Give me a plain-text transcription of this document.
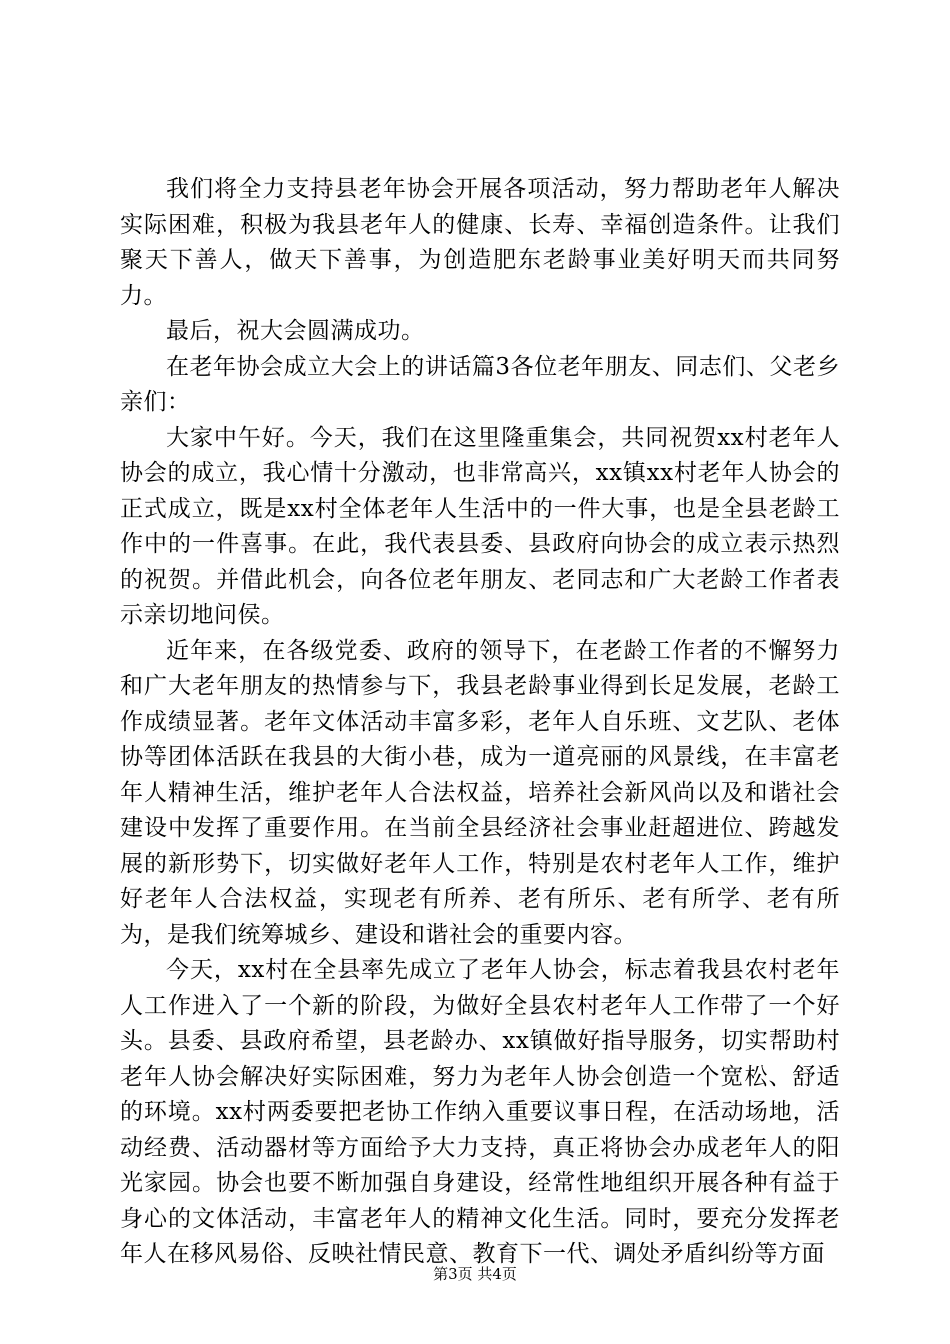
我们将全力支持县老年协会开展各项活动，努力帮助老年人解决实际困难，积极为我县老年人的健康、长寿、幸福创造条件。让我们聚天下善人，做天下善事，为创造肥东老龄事业美好明天而共同努力。

最后，祝大会圆满成功。

在老年协会成立大会上的讲话篇3各位老年朋友、同志们、父老乡亲们：

大家中午好。今天，我们在这里隆重集会，共同祝贺xx村老年人协会的成立，我心情十分激动，也非常高兴，xx镇xx村老年人协会的正式成立，既是xx村全体老年人生活中的一件大事，也是全县老龄工作中的一件喜事。在此，我代表县委、县政府向协会的成立表示热烈的祝贺。并借此机会，向各位老年朋友、老同志和广大老龄工作者表示亲切地问侯。

近年来，在各级党委、政府的领导下，在老龄工作者的不懈努力和广大老年朋友的热情参与下，我县老龄事业得到长足发展，老龄工作成绩显著。老年文体活动丰富多彩，老年人自乐班、文艺队、老体协等团体活跃在我县的大街小巷，成为一道亮丽的风景线，在丰富老年人精神生活，维护老年人合法权益，培养社会新风尚以及和谐社会建设中发挥了重要作用。在当前全县经济社会事业赶超进位、跨越发展的新形势下，切实做好老年人工作，特别是农村老年人工作，维护好老年人合法权益，实现老有所养、老有所乐、老有所学、老有所为，是我们统筹城乡、建设和谐社会的重要内容。

今天，xx村在全县率先成立了老年人协会，标志着我县农村老年人工作进入了一个新的阶段，为做好全县农村老年人工作带了一个好头。县委、县政府希望，县老龄办、xx镇做好指导服务，切实帮助村老年人协会解决好实际困难，努力为老年人协会创造一个宽松、舒适的环境。xx村两委要把老协工作纳入重要议事日程，在活动场地，活动经费、活动器材等方面给予大力支持，真正将协会办成老年人的阳光家园。协会也要不断加强自身建设，经常性地组织开展各种有益于身心的文体活动，丰富老年人的精神文化生活。同时，要充分发挥老年人在移风易俗、反映社情民意、教育下一代、调处矛盾纠纷等方面

第3页 共4页
